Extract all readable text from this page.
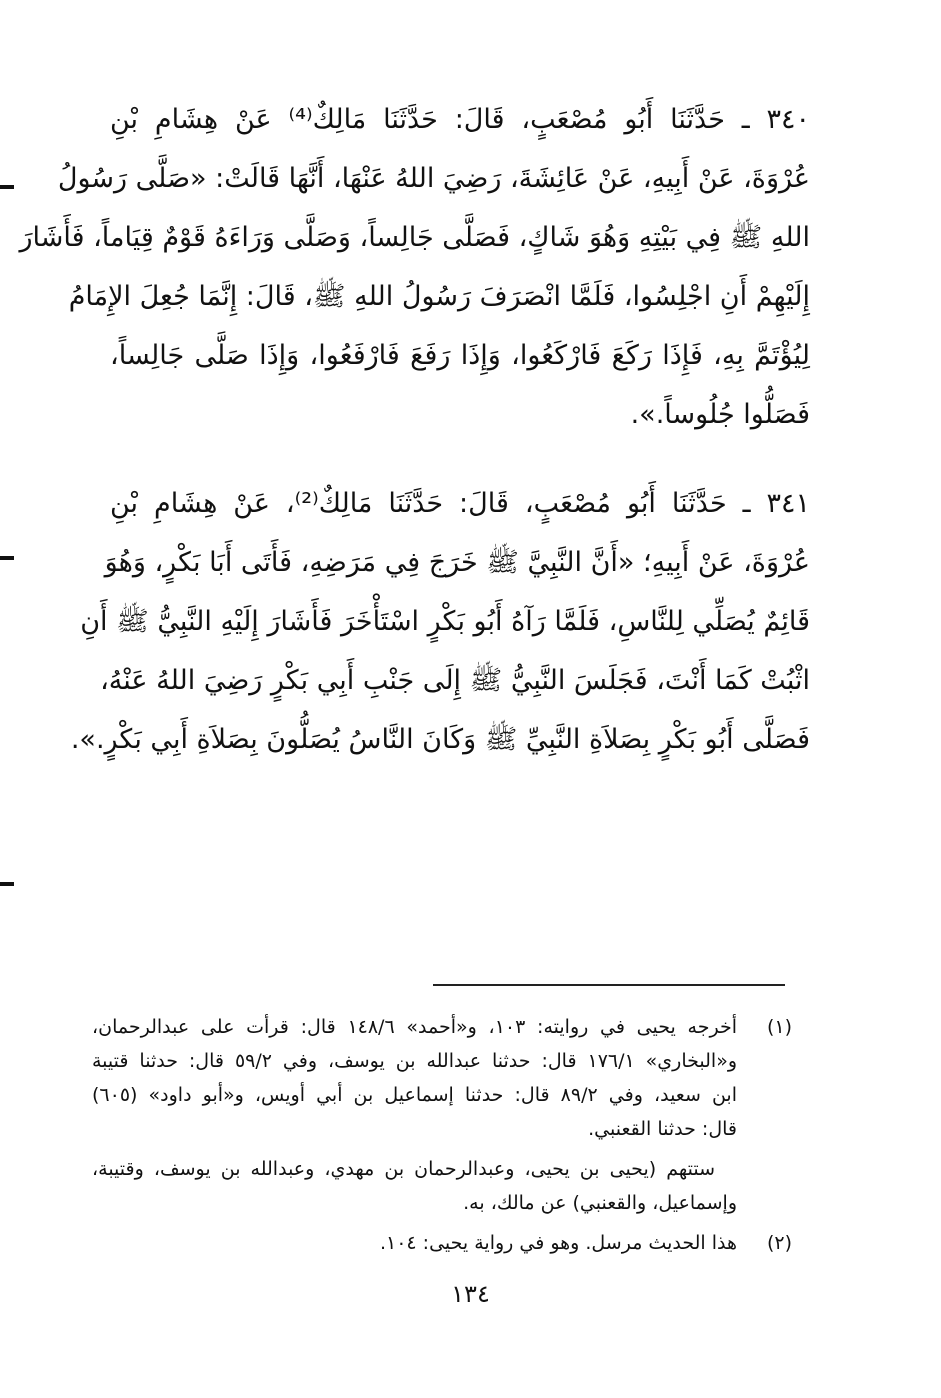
٣٤٠ ـ حَدَّثَنَا أَبُو مُصْعَبٍ، قَالَ: حَدَّثَنَا مَالِكٌ⁽⁴⁾ عَنْ هِشَامِ بْنِ
عُرْوَةَ، عَنْ أَبِيهِ، عَنْ عَائِشَةَ، رَضِيَ اللهُ عَنْهَا، أَنَّهَا قَالَتْ: «صَلَّى رَسُولُ
اللهِ ﷺ فِي بَيْتِهِ وَهُوَ شَاكٍ، فَصَلَّى جَالِساً، وَصَلَّى وَرَاءَهُ قَوْمٌ قِيَاماً، فَأَشَارَ
إِلَيْهِمْ أَنِ اجْلِسُوا، فَلَمَّا انْصَرَفَ رَسُولُ اللهِ ﷺ، قَالَ: إِنَّمَا جُعِلَ الإِمَامُ
لِيُؤْتَمَّ بِهِ، فَإِذَا رَكَعَ فَارْكَعُوا، وَإِذَا رَفَعَ فَارْفَعُوا، وَإِذَا صَلَّى جَالِساً،
فَصَلُّوا جُلُوساً.».
٣٤١ ـ حَدَّثَنَا أَبُو مُصْعَبٍ، قَالَ: حَدَّثَنَا مَالِكٌ⁽²⁾، عَنْ هِشَامِ بْنِ
عُرْوَةَ، عَنْ أَبِيهِ؛ «أَنَّ النَّبِيَّ ﷺ خَرَجَ فِي مَرَضِهِ، فَأَتَى أَبَا بَكْرٍ، وَهُوَ
قَائِمٌ يُصَلِّي لِلنَّاسِ، فَلَمَّا رَآهُ أَبُو بَكْرٍ اسْتَأْخَرَ فَأَشَارَ إِلَيْهِ النَّبِيُّ ﷺ أَنِ
اثْبُتْ كَمَا أَنْتَ، فَجَلَسَ النَّبِيُّ ﷺ إِلَى جَنْبِ أَبِي بَكْرٍ رَضِيَ اللهُ عَنْهُ،
فَصَلَّى أَبُو بَكْرٍ بِصَلاَةِ النَّبِيِّ ﷺ وَكَانَ النَّاسُ يُصَلُّونَ بِصَلاَةِ أَبِي بَكْرٍ.».
(١)
أخرجه يحيى في روايته: ١٠٣، و«أحمد» ١٤٨/٦ قال: قرأت على عبدالرحمان،
و«البخاري» ١٧٦/١ قال: حدثنا عبدالله بن يوسف، وفي ٥٩/٢ قال: حدثنا قتيبة
ابن سعيد، وفي ٨٩/٢ قال: حدثنا إسماعيل بن أبي أويس، و«أبو داود» (٦٠٥)
قال: حدثنا القعنبي.
ستتهم (يحيى بن يحيى، وعبدالرحمان بن مهدي، وعبدالله بن يوسف، وقتيبة،
وإسماعيل، والقعنبي) عن مالك، به.
(٢)
هذا الحديث مرسل. وهو في رواية يحيى: ١٠٤.
١٣٤
